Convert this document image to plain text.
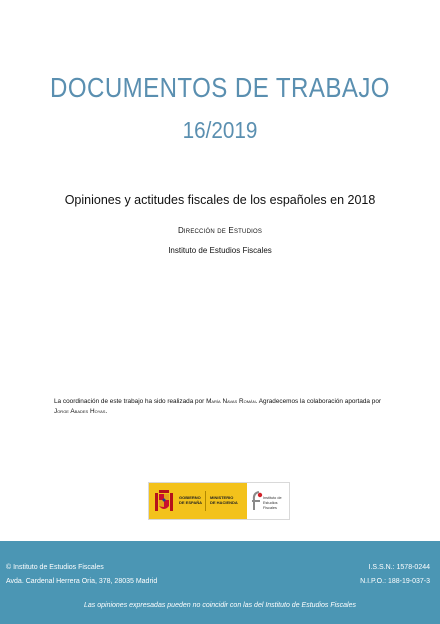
DOCUMENTOS DE TRABAJO
16/2019
Opiniones y actitudes fiscales de los españoles en 2018
Dirección de Estudios
Instituto de Estudios Fiscales
La coordinación de este trabajo ha sido realizada por María Navas Román. Agradecemos la colaboración aportada por Jorge Abades Hoyas.
GOBIERNO
DE ESPAÑA
MINISTERIO
DE HACIENDA
Instituto de
Estudios Fiscales
© Instituto de Estudios Fiscales
Avda. Cardenal Herrera Oria, 378, 28035 Madrid
I.S.S.N.: 1578-0244
N.I.P.O.: 188-19-037-3
Las opiniones expresadas pueden no coincidir con las del Instituto de Estudios Fiscales
